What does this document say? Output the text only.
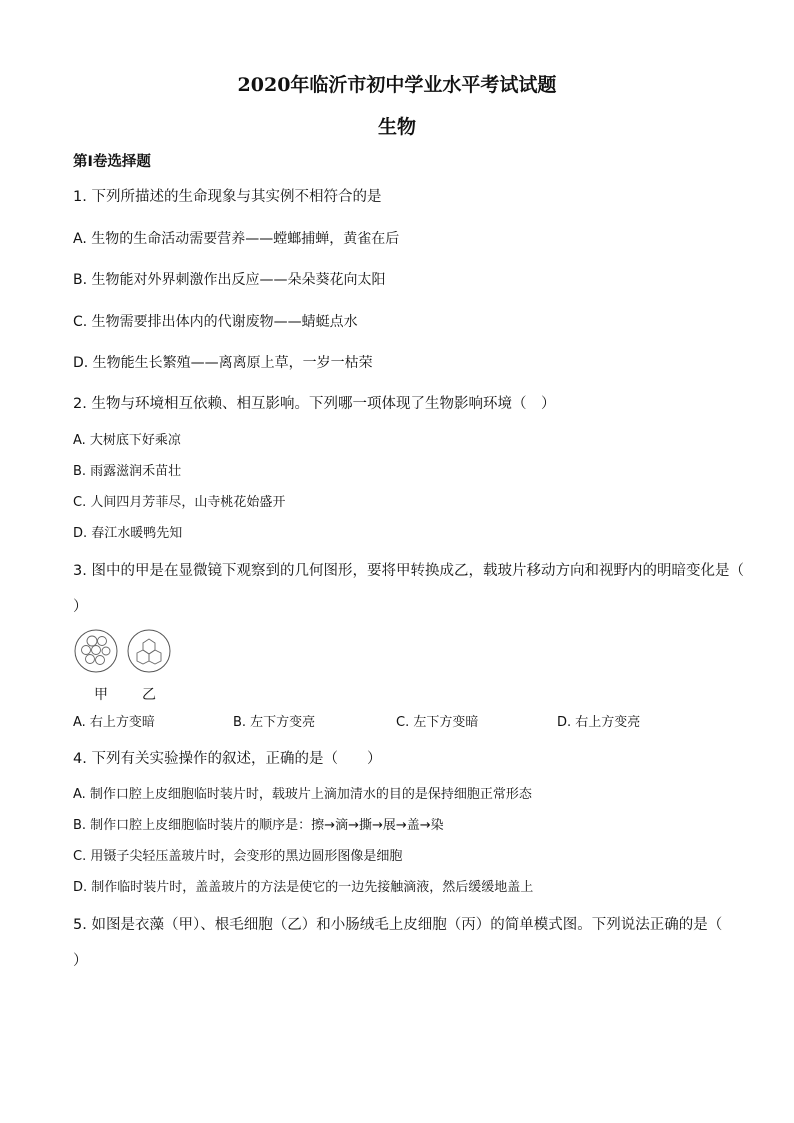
2020年临沂市初中学业水平考试试题
生物
第Ⅰ卷选择题
1. 下列所描述的生命现象与其实例不相符合的是
A. 生物的生命活动需要营养——螳螂捕蝉，黄雀在后
B. 生物能对外界刺激作出反应——朵朵葵花向太阳
C. 生物需要排出体内的代谢废物——蜻蜓点水
D. 生物能生长繁殖——离离原上草，一岁一枯荣
2. 生物与环境相互依赖、相互影响。下列哪一项体现了生物影响环境（　）
A. 大树底下好乘凉
B. 雨露滋润禾苗壮
C. 人间四月芳菲尽，山寺桃花始盛开
D. 春江水暖鸭先知
3. 图中的甲是在显微镜下观察到的几何图形，要将甲转换成乙，载玻片移动方向和视野内的明暗变化是（
）
甲 乙
A. 右上方变暗	B. 左下方变亮	C. 左下方变暗	D. 右上方变亮
4. 下列有关实验操作的叙述，正确的是（　　）
A. 制作口腔上皮细胞临时装片时，载玻片上滴加清水的目的是保持细胞正常形态
B. 制作口腔上皮细胞临时装片的顺序是：擦→滴→撕→展→盖→染
C. 用镊子尖轻压盖玻片时，会变形的黑边圆形图像是细胞
D. 制作临时装片时，盖盖玻片的方法是使它的一边先接触滴液，然后缓缓地盖上
5. 如图是衣藻（甲）、根毛细胞（乙）和小肠绒毛上皮细胞（丙）的简单模式图。下列说法正确的是（
）
